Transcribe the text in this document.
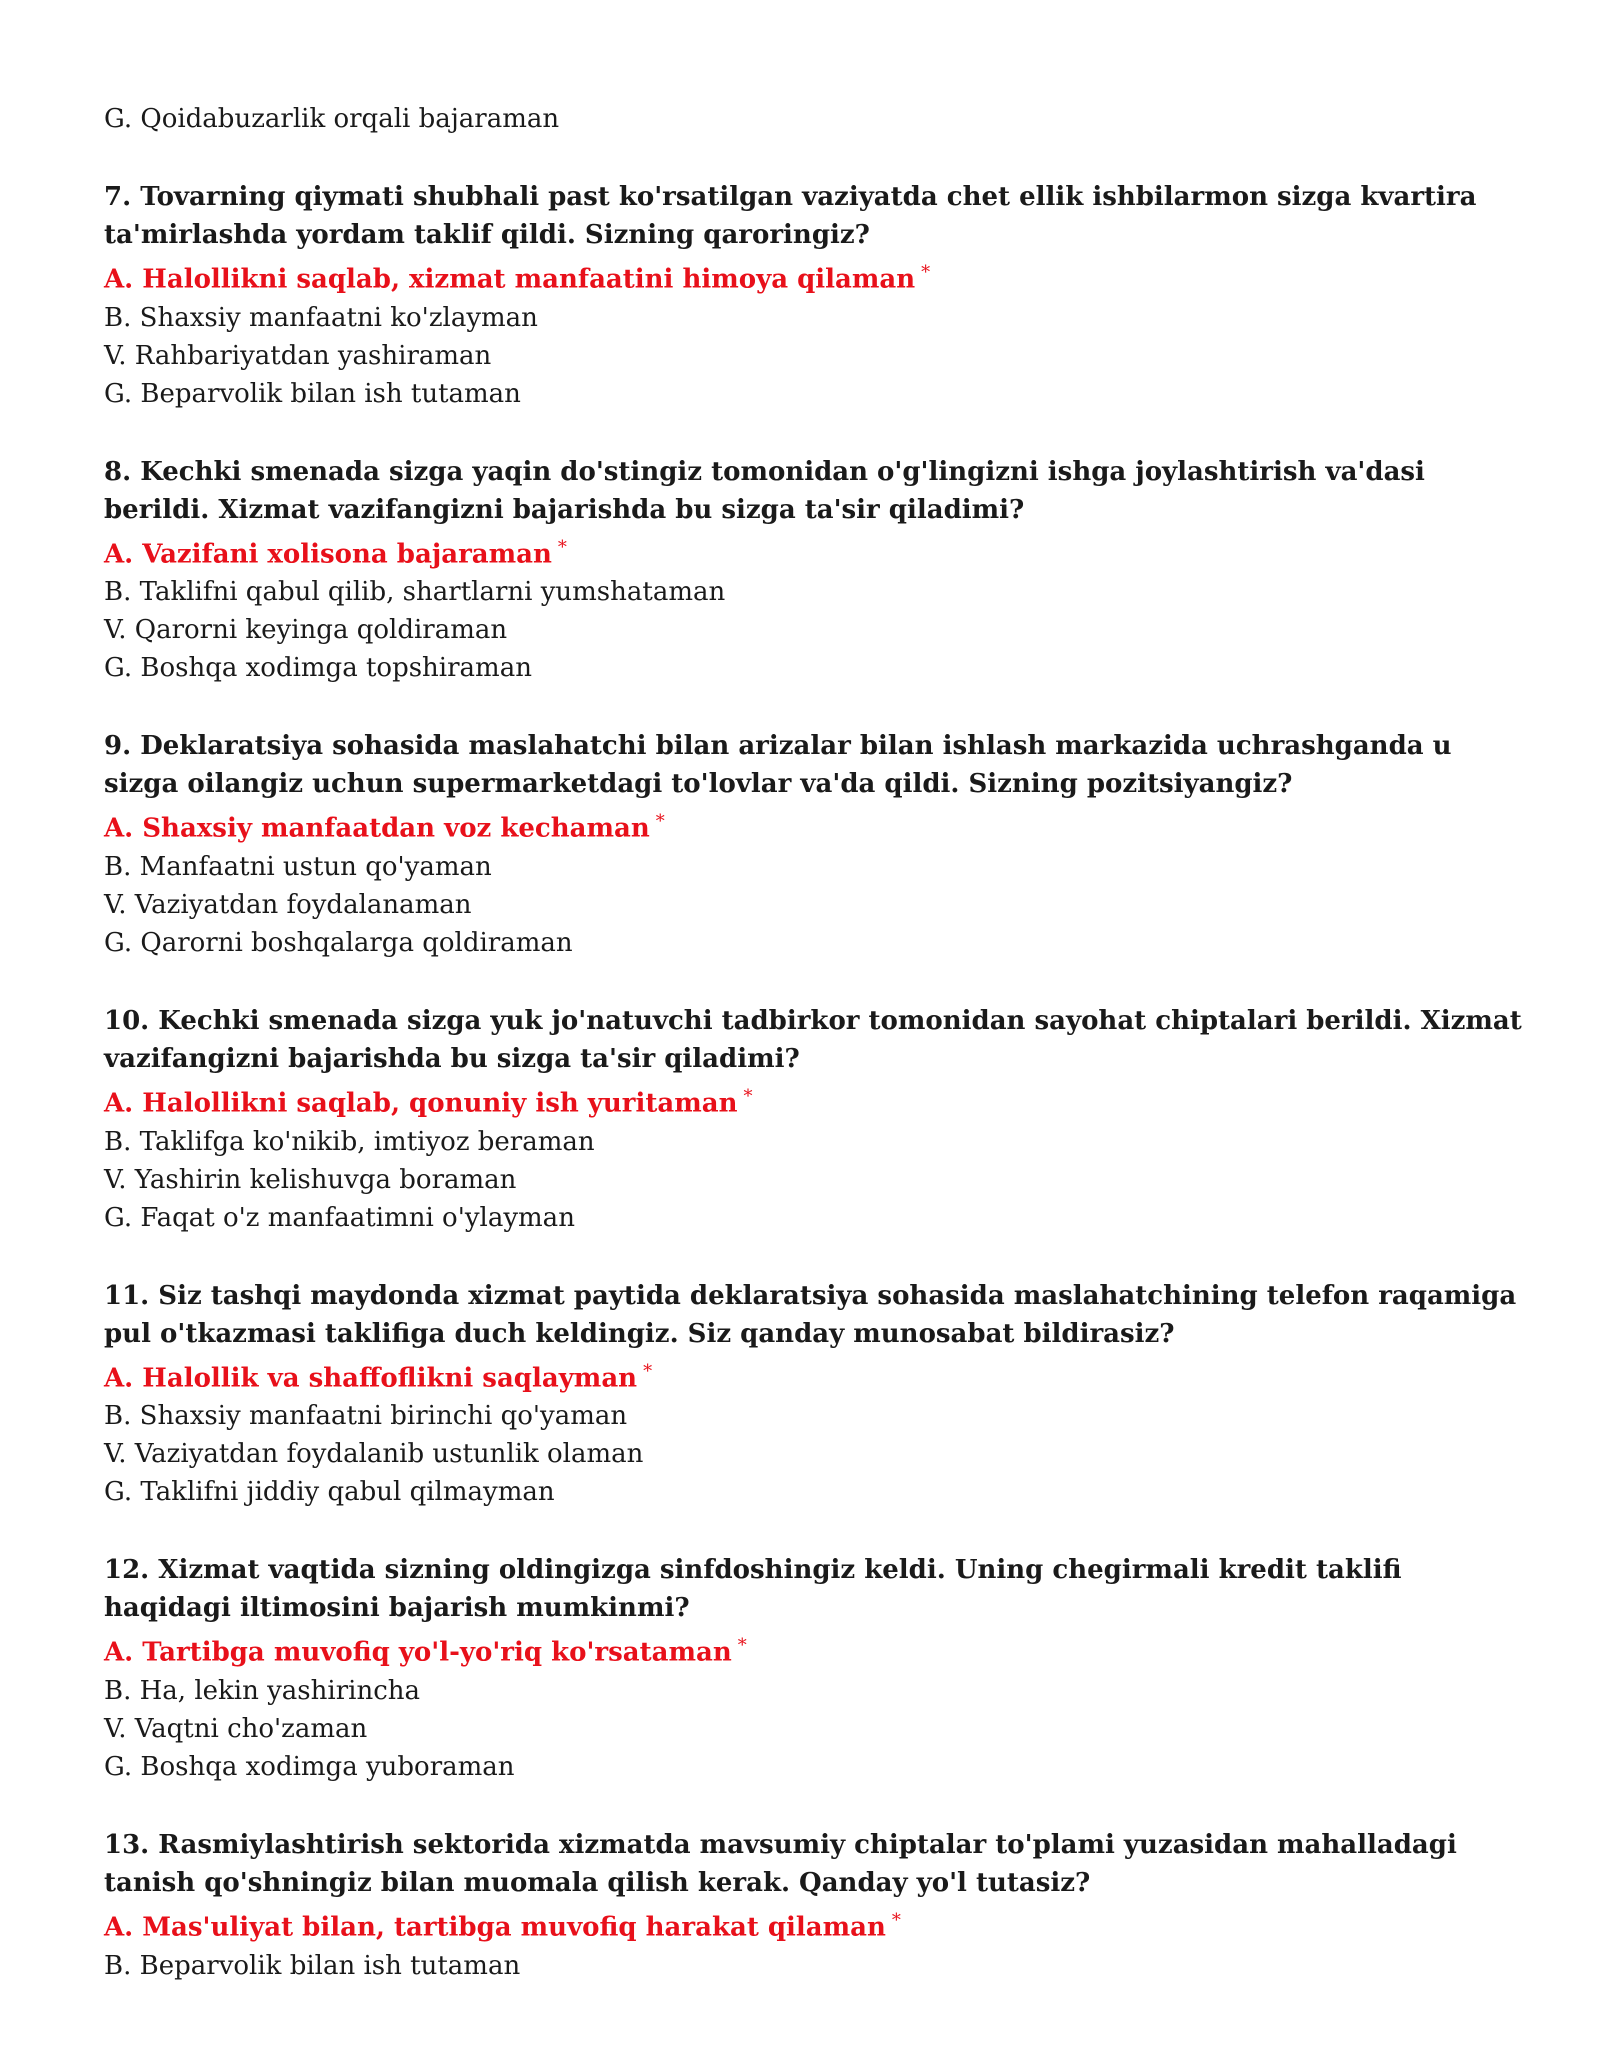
G. Qoidabuzarlik orqali bajaraman

7. Tovarning qiymati shubhali past ko'rsatilgan vaziyatda chet ellik ishbilarmon sizga kvartira ta'mirlashda yordam taklif qildi. Sizning qaroringiz?

A. Halollikni saqlab, xizmat manfaatini himoya qilaman *

B. Shaxsiy manfaatni ko'zlayman

V. Rahbariyatdan yashiraman

G. Beparvolik bilan ish tutaman

8. Kechki smenada sizga yaqin do'stingiz tomonidan o'g'lingizni ishga joylashtirish va'dasi berildi. Xizmat vazifangizni bajarishda bu sizga ta'sir qiladimi?

A. Vazifani xolisona bajaraman *

B. Taklifni qabul qilib, shartlarni yumshataman

V. Qarorni keyinga qoldiraman

G. Boshqa xodimga topshiraman

9. Deklaratsiya sohasida maslahatchi bilan arizalar bilan ishlash markazida uchrashganda u sizga oilangiz uchun supermarketdagi to'lovlar va'da qildi. Sizning pozitsiyangiz?

A. Shaxsiy manfaatdan voz kechaman *

B. Manfaatni ustun qo'yaman

V. Vaziyatdan foydalanaman

G. Qarorni boshqalarga qoldiraman

10. Kechki smenada sizga yuk jo'natuvchi tadbirkor tomonidan sayohat chiptalari berildi. Xizmat vazifangizni bajarishda bu sizga ta'sir qiladimi?

A. Halollikni saqlab, qonuniy ish yuritaman *

B. Taklifga ko'nikib, imtiyoz beraman

V. Yashirin kelishuvga boraman

G. Faqat o'z manfaatimni o'ylayman

11. Siz tashqi maydonda xizmat paytida deklaratsiya sohasida maslahatchining telefon raqamiga pul o'tkazmasi taklifiga duch keldingiz. Siz qanday munosabat bildirasiz?

A. Halollik va shaffoflikni saqlayman *

B. Shaxsiy manfaatni birinchi qo'yaman

V. Vaziyatdan foydalanib ustunlik olaman

G. Taklifni jiddiy qabul qilmayman

12. Xizmat vaqtida sizning oldingizga sinfdoshingiz keldi. Uning chegirmali kredit taklifi haqidagi iltimosini bajarish mumkinmi?

A. Tartibga muvofiq yo'l-yo'riq ko'rsataman *

B. Ha, lekin yashirincha

V. Vaqtni cho'zaman

G. Boshqa xodimga yuboraman

13. Rasmiylashtirish sektorida xizmatda mavsumiy chiptalar to'plami yuzasidan mahalladagi tanish qo'shningiz bilan muomala qilish kerak. Qanday yo'l tutasiz?

A. Mas'uliyat bilan, tartibga muvofiq harakat qilaman *

B. Beparvolik bilan ish tutaman
